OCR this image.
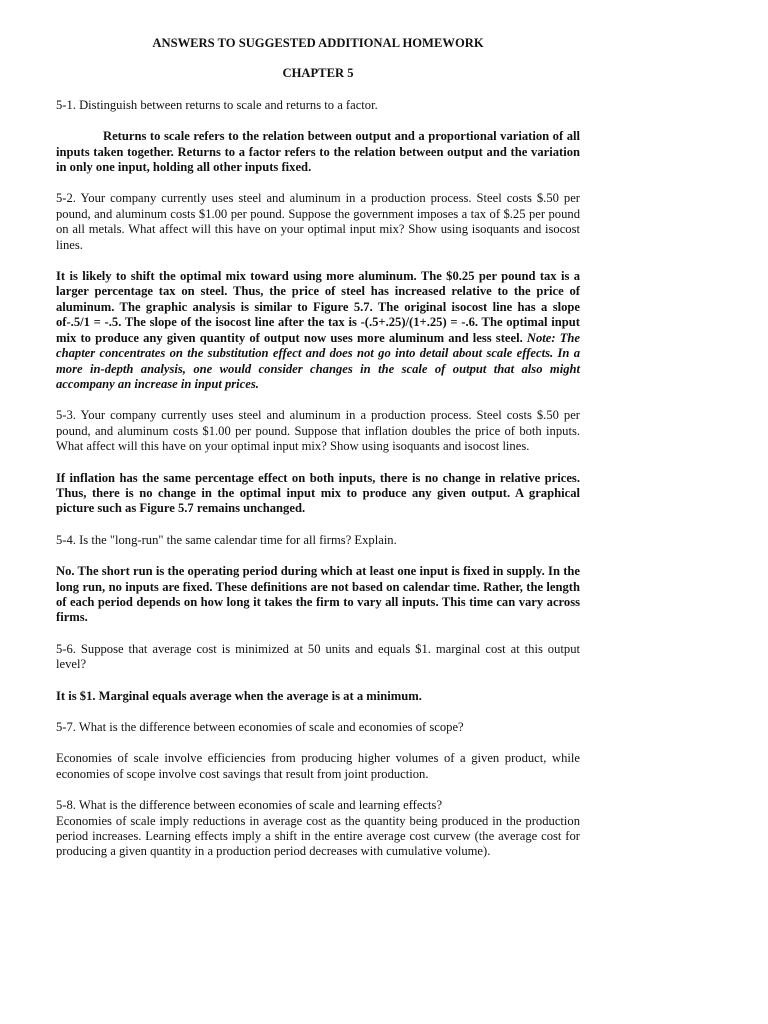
ANSWERS TO SUGGESTED ADDITIONAL HOMEWORK

CHAPTER 5

5-1. Distinguish between returns to scale and returns to a factor.

Returns to scale refers to the relation between output and a proportional variation of all inputs taken together. Returns to a factor refers to the relation between output and the variation in only one input, holding all other inputs fixed.

5-2. Your company currently uses steel and aluminum in a production process. Steel costs $.50 per pound, and aluminum costs $1.00 per pound. Suppose the government imposes a tax of $.25 per pound on all metals. What affect will this have on your optimal input mix? Show using isoquants and isocost lines.

It is likely to shift the optimal mix toward using more aluminum. The $0.25 per pound tax is a larger percentage tax on steel. Thus, the price of steel has increased relative to the price of aluminum. The graphic analysis is similar to Figure 5.7. The original isocost line has a slope of-.5/1 = -.5. The slope of the isocost line after the tax is -(.5+.25)/(1+.25) = -.6. The optimal input mix to produce any given quantity of output now uses more aluminum and less steel. Note: The chapter concentrates on the substitution effect and does not go into detail about scale effects. In a more in-depth analysis, one would consider changes in the scale of output that also might accompany an increase in input prices.

5-3. Your company currently uses steel and aluminum in a production process. Steel costs $.50 per pound, and aluminum costs $1.00 per pound. Suppose that inflation doubles the price of both inputs. What affect will this have on your optimal input mix? Show using isoquants and isocost lines.

If inflation has the same percentage effect on both inputs, there is no change in relative prices. Thus, there is no change in the optimal input mix to produce any given output. A graphical picture such as Figure 5.7 remains unchanged.

5-4. Is the "long-run" the same calendar time for all firms? Explain.

No. The short run is the operating period during which at least one input is fixed in supply. In the long run, no inputs are fixed. These definitions are not based on calendar time. Rather, the length of each period depends on how long it takes the firm to vary all inputs. This time can vary across firms.

5-6. Suppose that average cost is minimized at 50 units and equals $1. marginal cost at this output level?

It is $1. Marginal equals average when the average is at a minimum.

5-7. What is the difference between economies of scale and economies of scope?

Economies of scale involve efficiencies from producing higher volumes of a given product, while economies of scope involve cost savings that result from joint production.

5-8. What is the difference between economies of scale and learning effects?

Economies of scale imply reductions in average cost as the quantity being produced in the production period increases. Learning effects imply a shift in the entire average cost curvew (the average cost for producing a given quantity in a production period decreases with cumulative volume).
